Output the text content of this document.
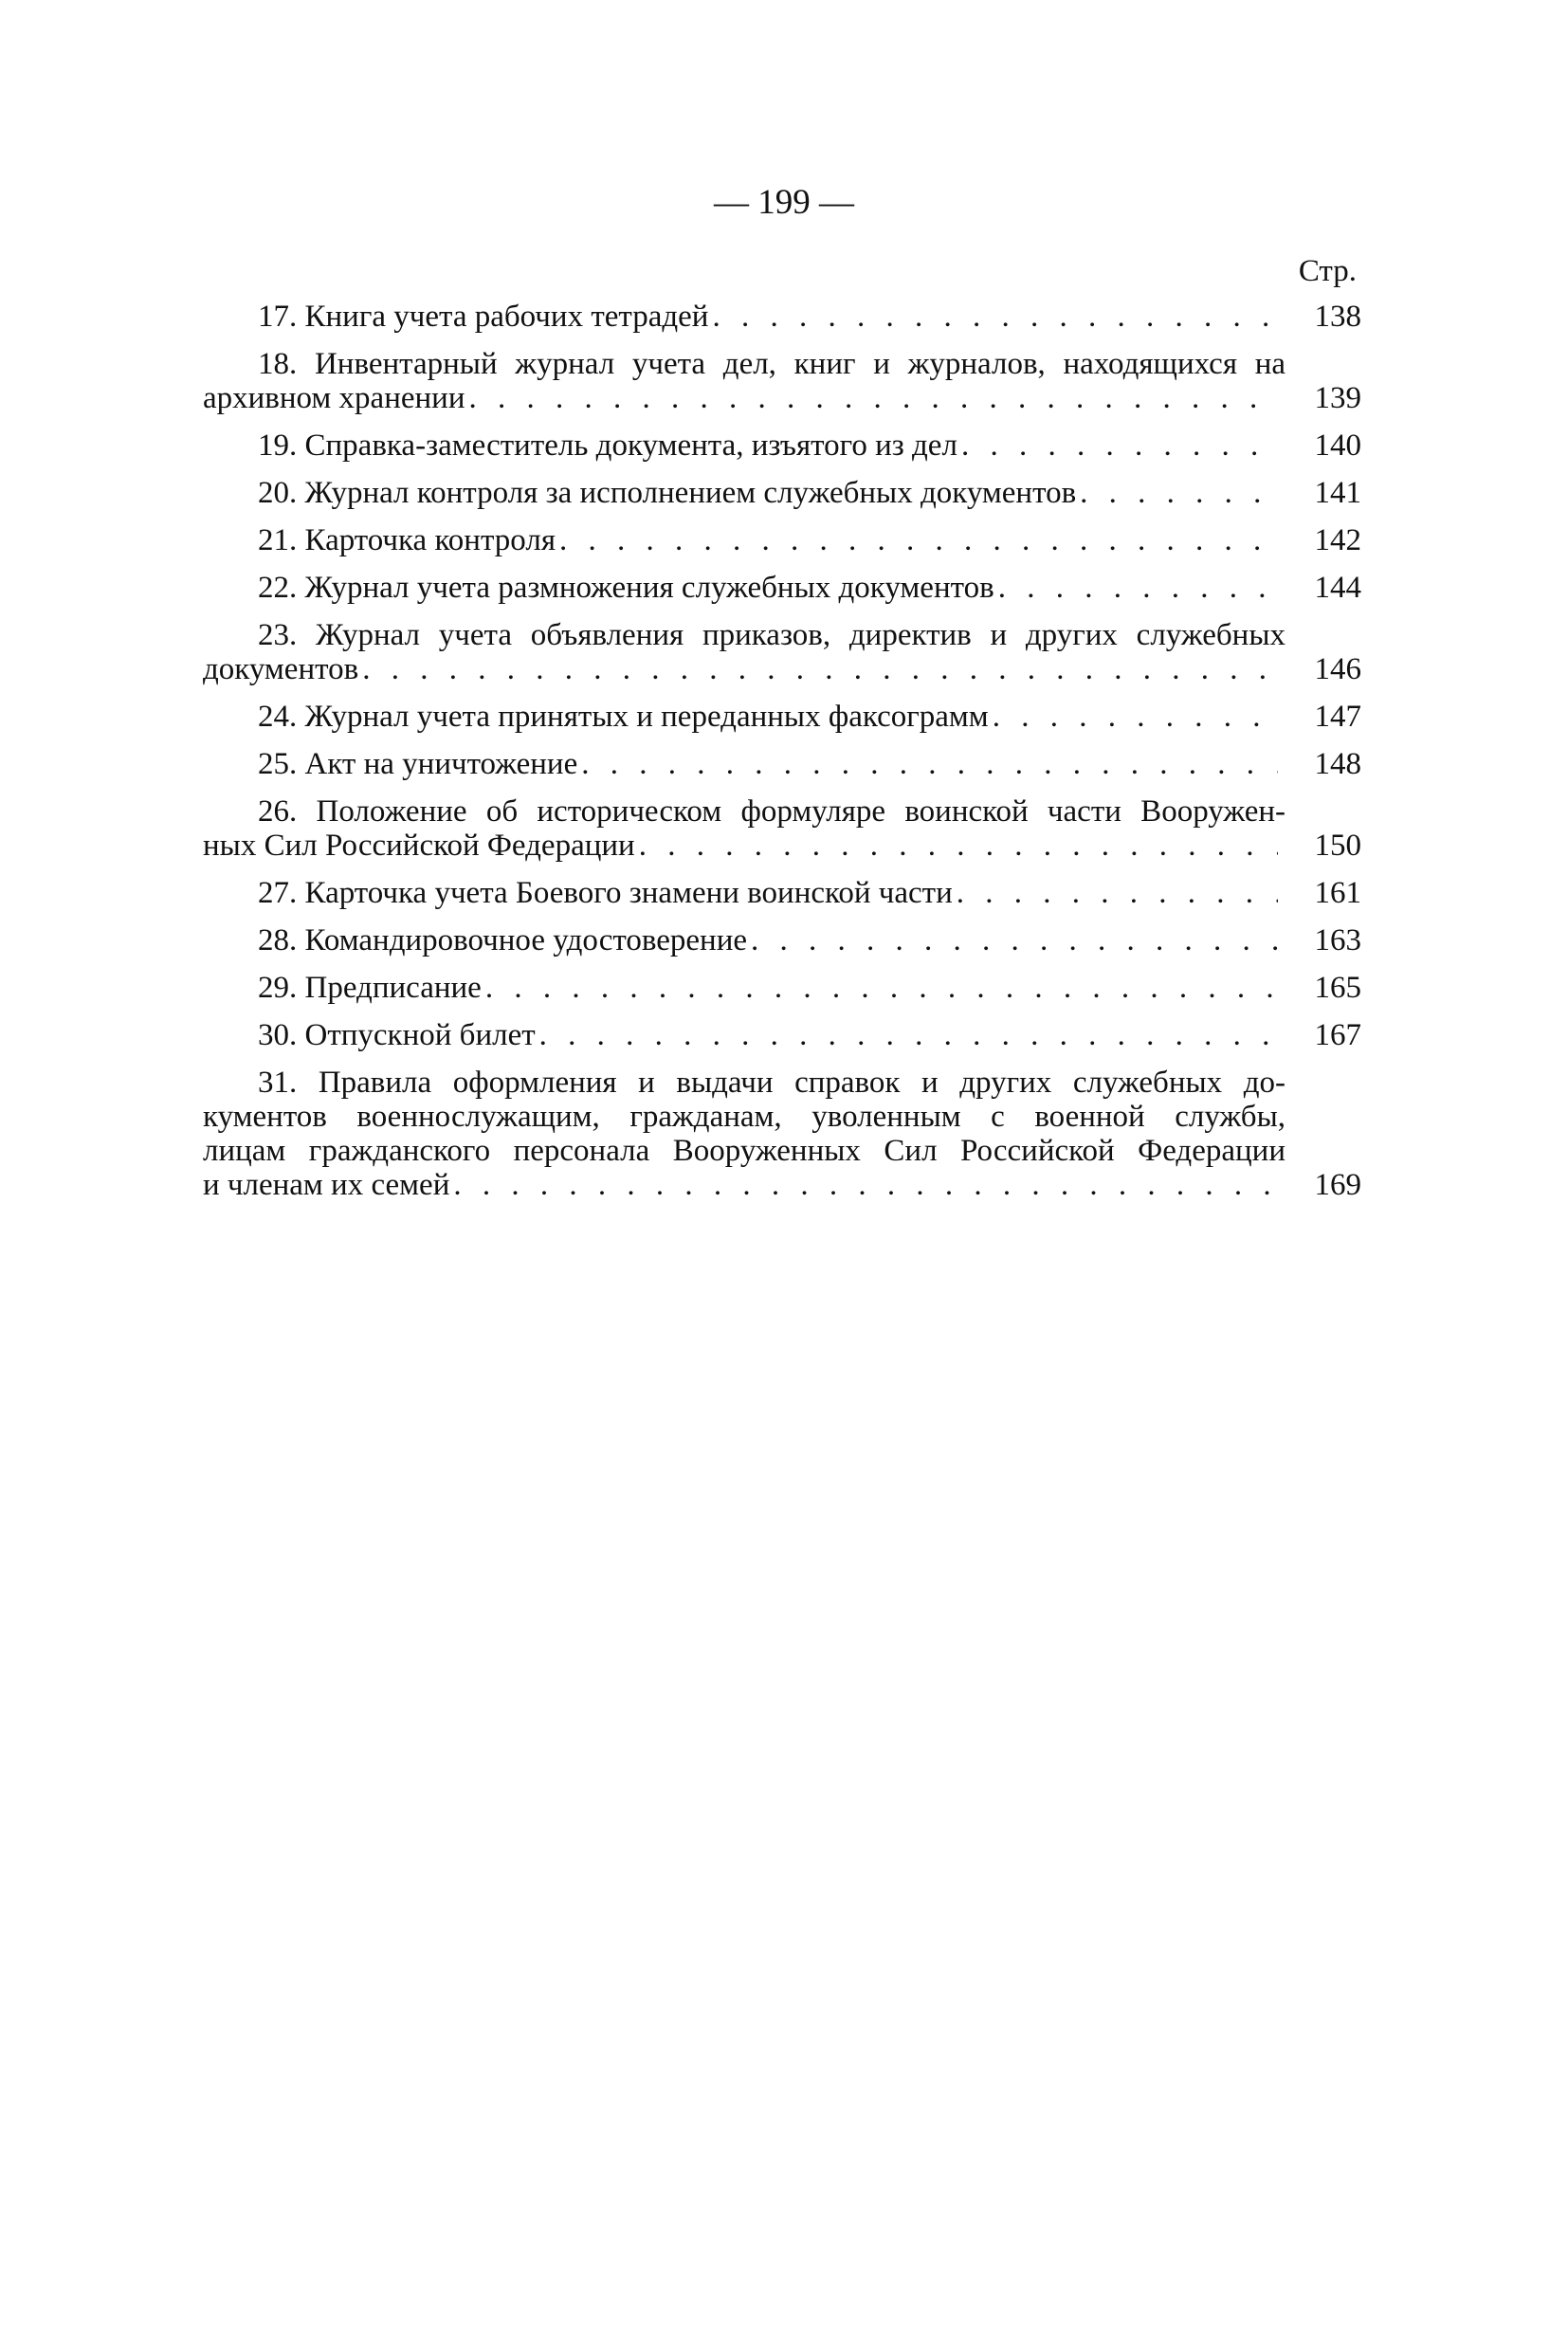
— 199 —
Стр.
17. Книга учета рабочих тетрадей . . .	138
18. Инвентарный журнал учета дел, книг и журналов, находящихся на
архивном хранении . . .	139
19. Справка-заместитель документа, изъятого из дел . . .	140
20. Журнал контроля за исполнением служебных документов . . .	141
21. Карточка контроля . . .	142
22. Журнал учета размножения служебных документов . . .	144
23. Журнал учета объявления приказов, директив и других служебных
документов . . .	146
24. Журнал учета принятых и переданных факсограмм . . .	147
25. Акт на уничтожение . . .	148
26. Положение об историческом формуляре воинской части Вооружен-
ных Сил Российской Федерации . . .	150
27. Карточка учета Боевого знамени воинской части . . .	161
28. Командировочное удостоверение . . .	163
29. Предписание . . .	165
30. Отпускной билет . . .	167
31. Правила оформления и выдачи справок и других служебных до-
кументов военнослужащим, гражданам, уволенным с военной службы,
лицам гражданского персонала Вооруженных Сил Российской Федерации
и членам их семей . . .	169
